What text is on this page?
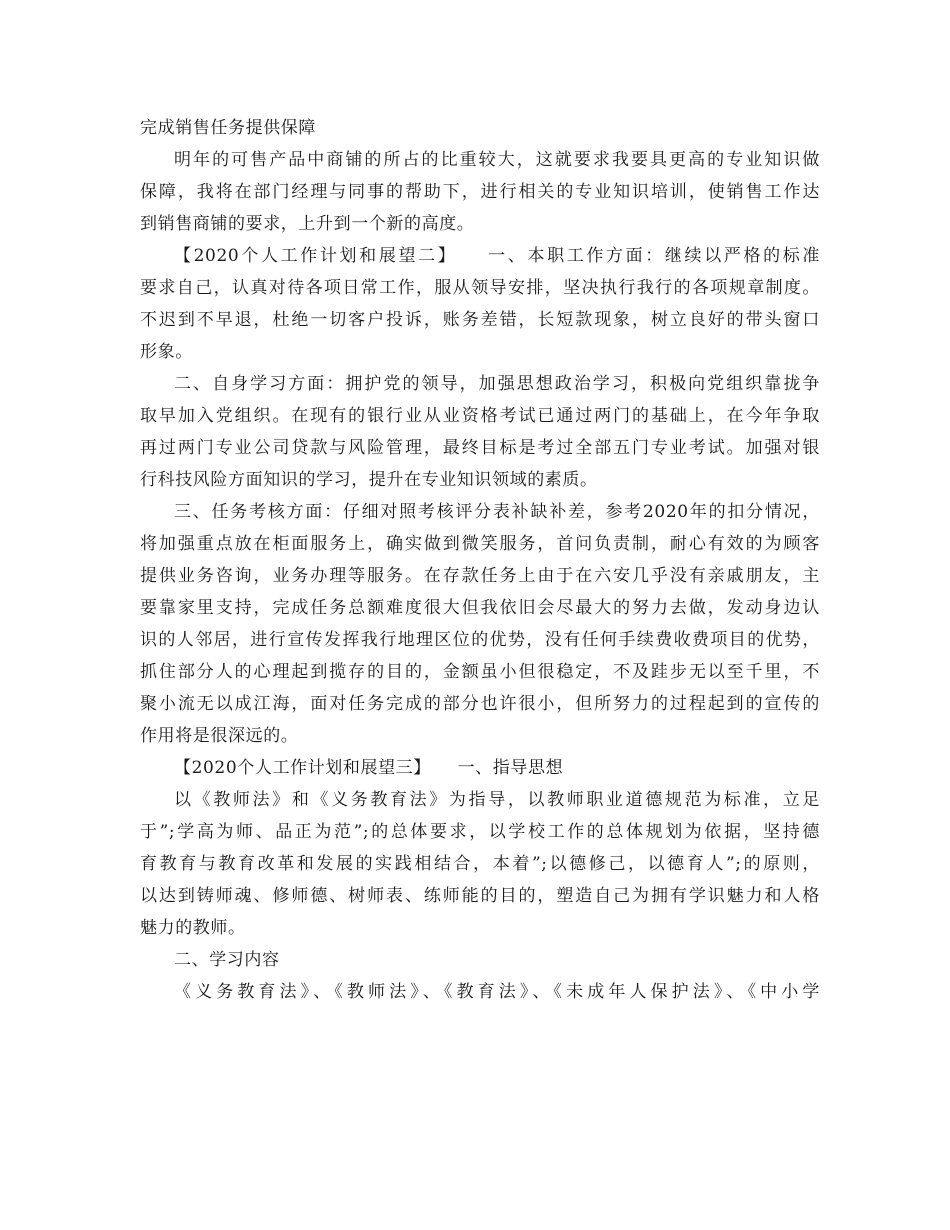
完成销售任务提供保障
明年的可售产品中商铺的所占的比重较大，这就要求我要具更高的专业知识做
保障，我将在部门经理与同事的帮助下，进行相关的专业知识培训，使销售工作达
到销售商铺的要求，上升到一个新的高度。
【2020个人工作计划和展望二】　　一、本职工作方面：继续以严格的标准
要求自己，认真对待各项日常工作，服从领导安排，坚决执行我行的各项规章制度。
不迟到不早退，杜绝一切客户投诉，账务差错，长短款现象，树立良好的带头窗口
形象。
二、自身学习方面：拥护党的领导，加强思想政治学习，积极向党组织靠拢争
取早加入党组织。在现有的银行业从业资格考试已通过两门的基础上，在今年争取
再过两门专业公司贷款与风险管理，最终目标是考过全部五门专业考试。加强对银
行科技风险方面知识的学习，提升在专业知识领域的素质。
三、任务考核方面：仔细对照考核评分表补缺补差，参考2020年的扣分情况，
将加强重点放在柜面服务上，确实做到微笑服务，首问负责制，耐心有效的为顾客
提供业务咨询，业务办理等服务。在存款任务上由于在六安几乎没有亲戚朋友，主
要靠家里支持，完成任务总额难度很大但我依旧会尽最大的努力去做，发动身边认
识的人邻居，进行宣传发挥我行地理区位的优势，没有任何手续费收费项目的优势，
抓住部分人的心理起到揽存的目的，金额虽小但很稳定，不及跬步无以至千里，不
聚小流无以成江海，面对任务完成的部分也许很小，但所努力的过程起到的宣传的
作用将是很深远的。
【2020个人工作计划和展望三】　　一、指导思想
以《教师法》和《义务教育法》为指导，以教师职业道德规范为标准，立足
于”;学高为师、品正为范”;的总体要求，以学校工作的总体规划为依据，坚持德
育教育与教育改革和发展的实践相结合，本着”;以德修己，以德育人”;的原则，
以达到铸师魂、修师德、树师表、练师能的目的，塑造自己为拥有学识魅力和人格
魅力的教师。
二、学习内容
《义务教育法》、《教师法》、《教育法》、《未成年人保护法》、《中小学
